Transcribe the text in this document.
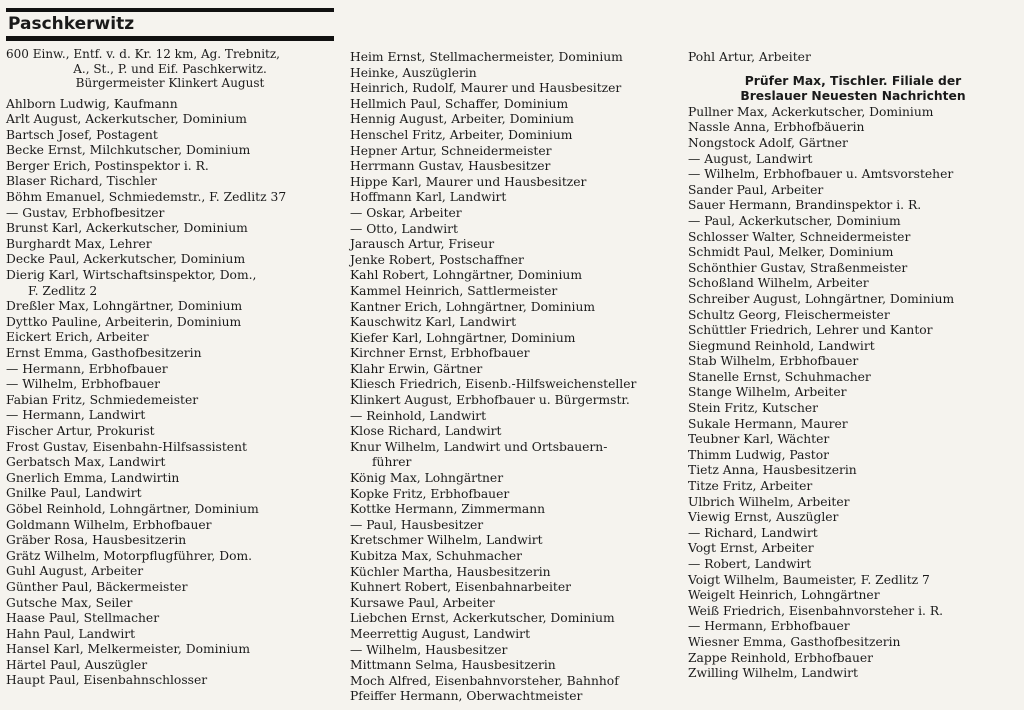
Paschkerwitz
600 Einw., Entf. v. d. Kr. 12 km, Ag. Trebnitz,
A., St., P. und Eif. Paschkerwitz.
Bürgermeister Klinkert August
Ahlborn Ludwig, Kaufmann
Arlt August, Ackerkutscher, Dominium
Bartsch Josef, Postagent
Becke Ernst, Milchkutscher, Dominium
Berger Erich, Postinspektor i. R.
Blaser Richard, Tischler
Böhm Emanuel, Schmiedemstr., F. Zedlitz 37
— Gustav, Erbhofbesitzer
Brunst Karl, Ackerkutscher, Dominium
Burghardt Max, Lehrer
Decke Paul, Ackerkutscher, Dominium
Dierig Karl, Wirtschaftsinspektor, Dom.,
F. Zedlitz 2
Dreßler Max, Lohngärtner, Dominium
Dyttko Pauline, Arbeiterin, Dominium
Eickert Erich, Arbeiter
Ernst Emma, Gasthofbesitzerin
— Hermann, Erbhofbauer
— Wilhelm, Erbhofbauer
Fabian Fritz, Schmiedemeister
— Hermann, Landwirt
Fischer Artur, Prokurist
Frost Gustav, Eisenbahn-Hilfsassistent
Gerbatsch Max, Landwirt
Gnerlich Emma, Landwirtin
Gnilke Paul, Landwirt
Göbel Reinhold, Lohngärtner, Dominium
Goldmann Wilhelm, Erbhofbauer
Gräber Rosa, Hausbesitzerin
Grätz Wilhelm, Motorpflugführer, Dom.
Guhl August, Arbeiter
Günther Paul, Bäckermeister
Gutsche Max, Seiler
Haase Paul, Stellmacher
Hahn Paul, Landwirt
Hansel Karl, Melkermeister, Dominium
Härtel Paul, Auszügler
Haupt Paul, Eisenbahnschlosser
Heim Ernst, Stellmachermeister, Dominium
Heinke, Auszüglerin
Heinrich, Rudolf, Maurer und Hausbesitzer
Hellmich Paul, Schaffer, Dominium
Hennig August, Arbeiter, Dominium
Henschel Fritz, Arbeiter, Dominium
Hepner Artur, Schneidermeister
Herrmann Gustav, Hausbesitzer
Hippe Karl, Maurer und Hausbesitzer
Hoffmann Karl, Landwirt
— Oskar, Arbeiter
— Otto, Landwirt
Jarausch Artur, Friseur
Jenke Robert, Postschaffner
Kahl Robert, Lohngärtner, Dominium
Kammel Heinrich, Sattlermeister
Kantner Erich, Lohngärtner, Dominium
Kauschwitz Karl, Landwirt
Kiefer Karl, Lohngärtner, Dominium
Kirchner Ernst, Erbhofbauer
Klahr Erwin, Gärtner
Kliesch Friedrich, Eisenb.-Hilfsweichensteller
Klinkert August, Erbhofbauer u. Bürgermstr.
— Reinhold, Landwirt
Klose Richard, Landwirt
Knur Wilhelm, Landwirt und Ortsbauern-
führer
König Max, Lohngärtner
Kopke Fritz, Erbhofbauer
Kottke Hermann, Zimmermann
— Paul, Hausbesitzer
Kretschmer Wilhelm, Landwirt
Kubitza Max, Schuhmacher
Küchler Martha, Hausbesitzerin
Kuhnert Robert, Eisenbahnarbeiter
Kursawe Paul, Arbeiter
Liebchen Ernst, Ackerkutscher, Dominium
Meerrettig August, Landwirt
— Wilhelm, Hausbesitzer
Mittmann Selma, Hausbesitzerin
Moch Alfred, Eisenbahnvorsteher, Bahnhof
Pfeiffer Hermann, Oberwachtmeister
Pohl Artur, Arbeiter
Prüfer Max, Tischler. Filiale der
Breslauer Neuesten Nachrichten
Pullner Max, Ackerkutscher, Dominium
Nassle Anna, Erbhofbäuerin
Nongstock Adolf, Gärtner
— August, Landwirt
— Wilhelm, Erbhofbauer u. Amtsvorsteher
Sander Paul, Arbeiter
Sauer Hermann, Brandinspektor i. R.
— Paul, Ackerkutscher, Dominium
Schlosser Walter, Schneidermeister
Schmidt Paul, Melker, Dominium
Schönthier Gustav, Straßenmeister
Schoßland Wilhelm, Arbeiter
Schreiber August, Lohngärtner, Dominium
Schultz Georg, Fleischermeister
Schüttler Friedrich, Lehrer und Kantor
Siegmund Reinhold, Landwirt
Stab Wilhelm, Erbhofbauer
Stanelle Ernst, Schuhmacher
Stange Wilhelm, Arbeiter
Stein Fritz, Kutscher
Sukale Hermann, Maurer
Teubner Karl, Wächter
Thimm Ludwig, Pastor
Tietz Anna, Hausbesitzerin
Titze Fritz, Arbeiter
Ulbrich Wilhelm, Arbeiter
Viewig Ernst, Auszügler
— Richard, Landwirt
Vogt Ernst, Arbeiter
— Robert, Landwirt
Voigt Wilhelm, Baumeister, F. Zedlitz 7
Weigelt Heinrich, Lohngärtner
Weiß Friedrich, Eisenbahnvorsteher i. R.
— Hermann, Erbhofbauer
Wiesner Emma, Gasthofbesitzerin
Zappe Reinhold, Erbhofbauer
Zwilling Wilhelm, Landwirt
